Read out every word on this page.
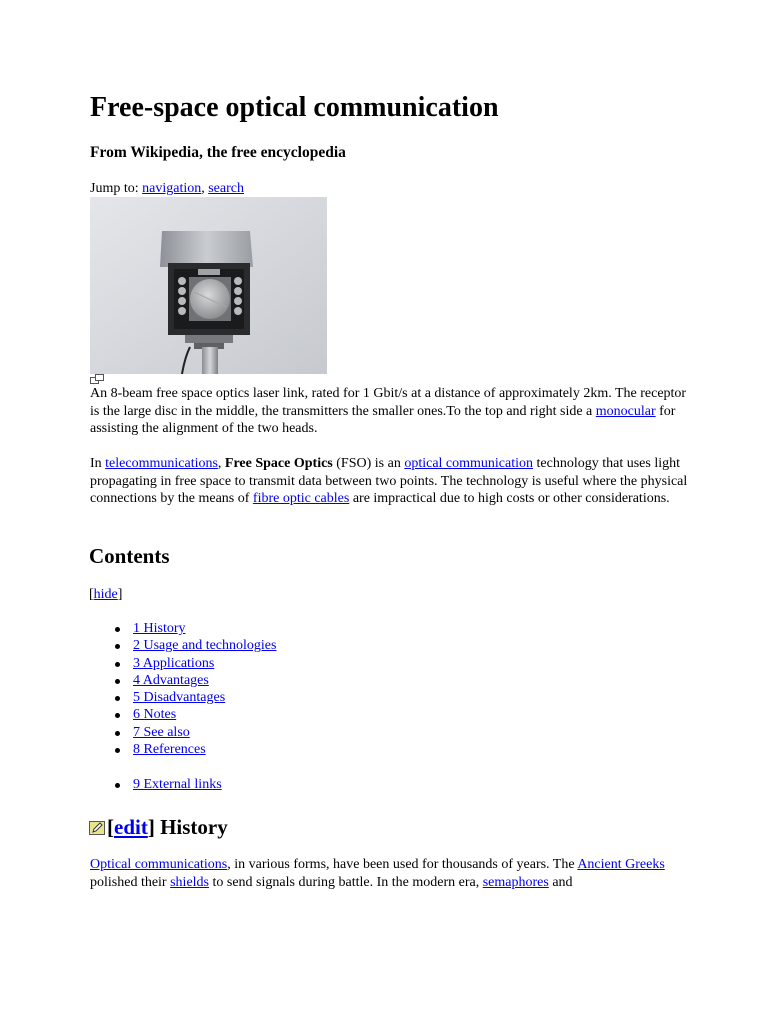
Free-space optical communication

From Wikipedia, the free encyclopedia

Jump to: navigation, search

An 8-beam free space optics laser link, rated for 1 Gbit/s at a distance of approximately 2km. The receptor is the large disc in the middle, the transmitters the smaller ones.To the top and right side a monocular for assisting the alignment of the two heads.

In telecommunications, Free Space Optics (FSO) is an optical communication technology that uses light propagating in free space to transmit data between two points. The technology is useful where the physical connections by the means of fibre optic cables are impractical due to high costs or other considerations.

Contents
[hide]
1 History
2 Usage and technologies
3 Applications
4 Advantages
5 Disadvantages
6 Notes
7 See also
8 References
9 External links
[edit] History

Optical communications, in various forms, have been used for thousands of years. The Ancient Greeks polished their shields to send signals during battle. In the modern era, semaphores and
